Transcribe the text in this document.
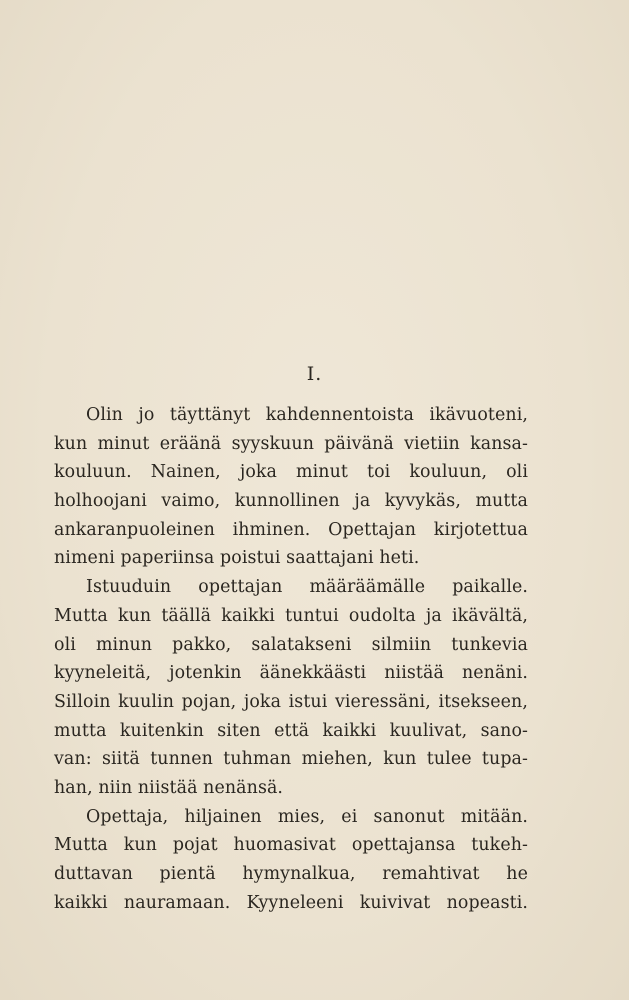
I.
Olin jo täyttänyt kahdennentoista ikävuoteni,
kun minut eräänä syyskuun päivänä vietiin kansa-
kouluun. Nainen, joka minut toi kouluun, oli
holhoojani vaimo, kunnollinen ja kyvykäs, mutta
ankaranpuoleinen ihminen. Opettajan kirjotettua
nimeni paperiinsa poistui saattajani heti.
Istuuduin opettajan määräämälle paikalle.
Mutta kun täällä kaikki tuntui oudolta ja ikävältä,
oli minun pakko, salatakseni silmiin tunkevia
kyyneleitä, jotenkin äänekkäästi niistää nenäni.
Silloin kuulin pojan, joka istui vieressäni, itsekseen,
mutta kuitenkin siten että kaikki kuulivat, sano-
van: siitä tunnen tuhman miehen, kun tulee tupa-
han, niin niistää nenänsä.
Opettaja, hiljainen mies, ei sanonut mitään.
Mutta kun pojat huomasivat opettajansa tukeh-
duttavan pientä hymynalkua, remahtivat he
kaikki nauramaan. Kyyneleeni kuivivat nopeasti.
